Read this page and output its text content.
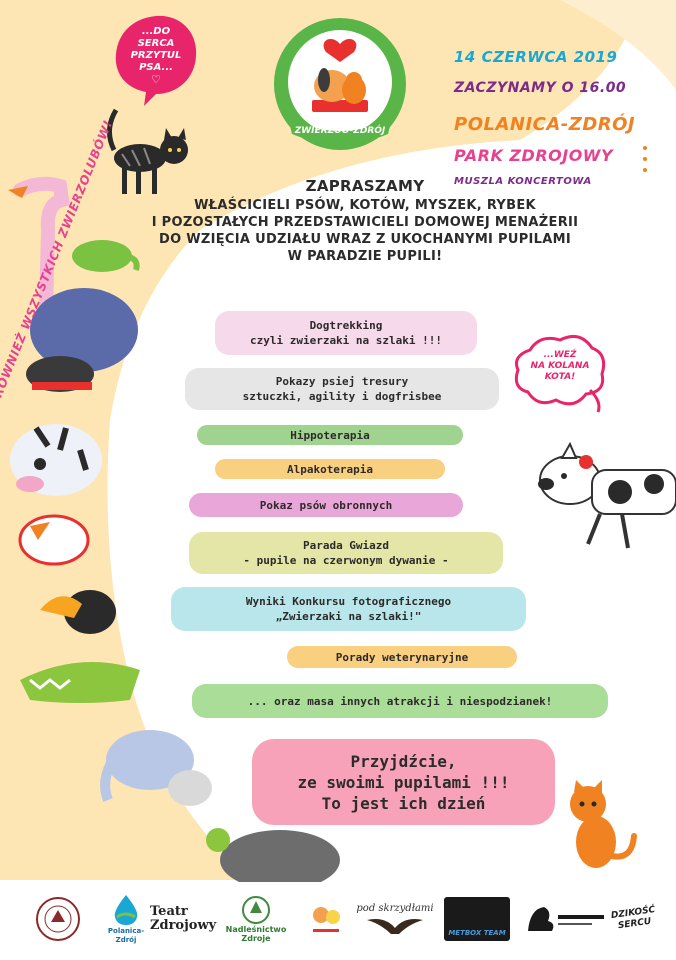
...DO
SERCA
PRZYTUL
PSA...
♡
ZWIERZOO-ZDRÓJ
14 CZERWCA 2019
ZACZYNAMY O 16.00
POLANICA-ZDRÓJ
PARK ZDROJOWY
MUSZLA KONCERTOWA
ZAPRASZAMY
WŁAŚCICIELI PSÓW, KOTÓW, MYSZEK, RYBEK
I POZOSTAŁYCH PRZEDSTAWICIELI DOMOWEJ MENAŻERII
DO WZIĘCIA UDZIAŁU WRAZ Z UKOCHANYMI PUPILAMI
W PARADZIE PUPILI!
RÓWNIEŻ WSZYSTKICH ZWIERZOLUBÓW!
Dogtrekking
czyli zwierzaki na szlaki !!!
Pokazy psiej tresury
sztuczki, agility i dogfrisbee
Hippoterapia
Alpakoterapia
Pokaz psów obronnych
Parada Gwiazd
- pupile na czerwonym dywanie -
Wyniki Konkursu fotograficznego
„Zwierzaki na szlaki!"
Porady weterynaryjne
... oraz masa innych atrakcji i niespodzianek!
...WEŹ
NA KOLANA
KOTA!
Przyjdźcie,
ze swoimi pupilami !!!
To jest ich dzień
Polanica-Zdrój
Teatr
Zdrojowy	Nadleśnictwo Zdroje
pod skrzydłami
METBOX TEAM
DZIKOŚĆ SERCU
